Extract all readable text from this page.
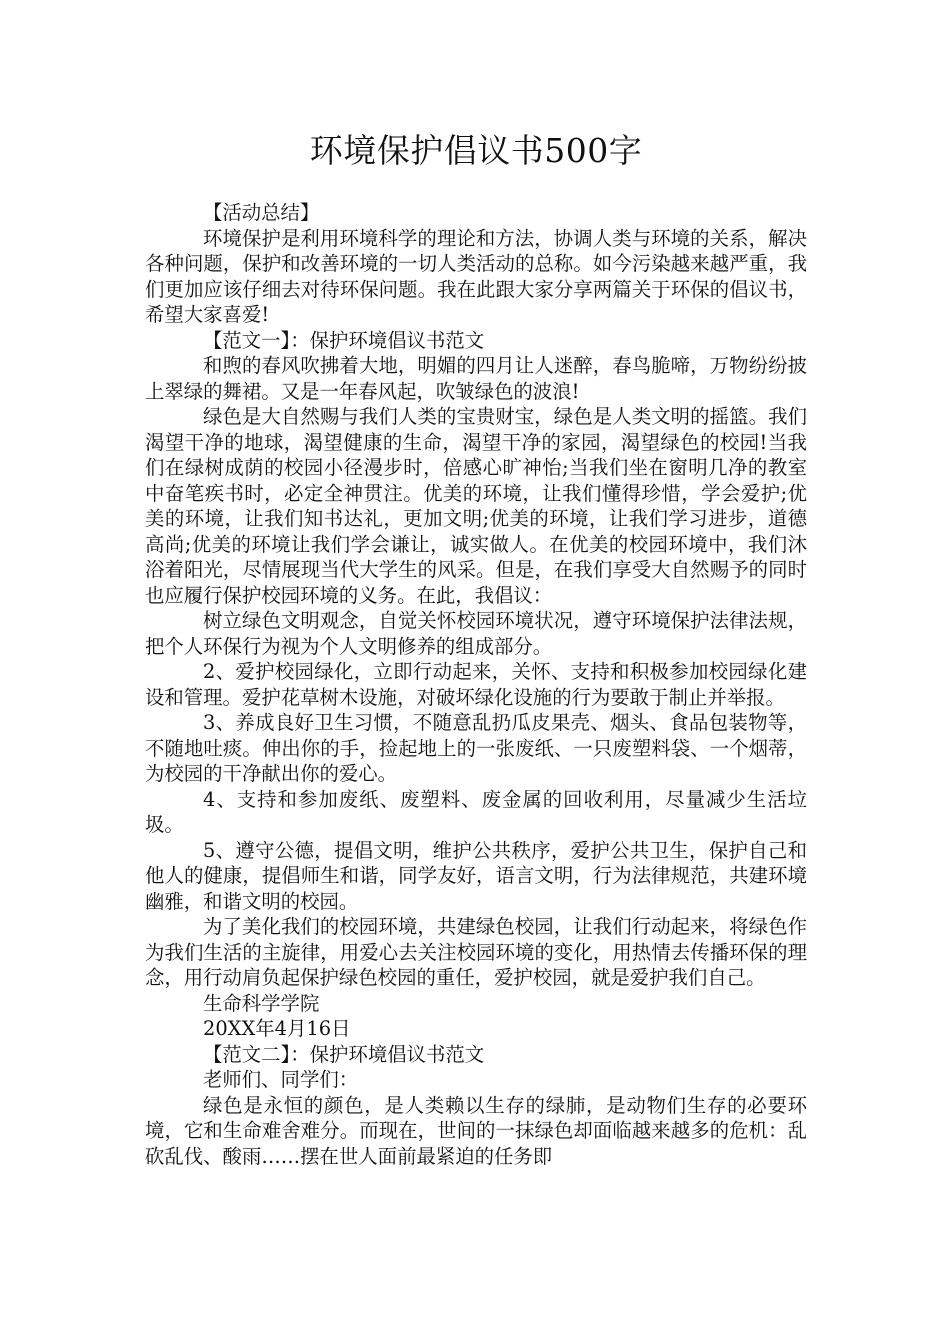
环境保护倡议书500字

【活动总结】

环境保护是利用环境科学的理论和方法，协调人类与环境的关系，解决各种问题，保护和改善环境的一切人类活动的总称。如今污染越来越严重，我们更加应该仔细去对待环保问题。我在此跟大家分享两篇关于环保的倡议书，希望大家喜爱!

【范文一】：保护环境倡议书范文

和煦的春风吹拂着大地，明媚的四月让人迷醉，春鸟脆啼，万物纷纷披上翠绿的舞裙。又是一年春风起，吹皱绿色的波浪!

绿色是大自然赐与我们人类的宝贵财宝，绿色是人类文明的摇篮。我们渴望干净的地球，渴望健康的生命，渴望干净的家园，渴望绿色的校园!当我们在绿树成荫的校园小径漫步时，倍感心旷神怡;当我们坐在窗明几净的教室中奋笔疾书时，必定全神贯注。优美的环境，让我们懂得珍惜，学会爱护;优美的环境，让我们知书达礼，更加文明;优美的环境，让我们学习进步，道德高尚;优美的环境让我们学会谦让，诚实做人。在优美的校园环境中，我们沐浴着阳光，尽情展现当代大学生的风采。但是，在我们享受大自然赐予的同时也应履行保护校园环境的义务。在此，我倡议：

树立绿色文明观念，自觉关怀校园环境状况，遵守环境保护法律法规，把个人环保行为视为个人文明修养的组成部分。

2、爱护校园绿化，立即行动起来，关怀、支持和积极参加校园绿化建设和管理。爱护花草树木设施，对破坏绿化设施的行为要敢于制止并举报。

3、养成良好卫生习惯，不随意乱扔瓜皮果壳、烟头、食品包装物等，不随地吐痰。伸出你的手，捡起地上的一张废纸、一只废塑料袋、一个烟蒂，为校园的干净献出你的爱心。

4、支持和参加废纸、废塑料、废金属的回收利用，尽量减少生活垃圾。

5、遵守公德，提倡文明，维护公共秩序，爱护公共卫生，保护自己和他人的健康，提倡师生和谐，同学友好，语言文明，行为法律规范，共建环境幽雅，和谐文明的校园。

为了美化我们的校园环境，共建绿色校园，让我们行动起来，将绿色作为我们生活的主旋律，用爱心去关注校园环境的变化，用热情去传播环保的理念，用行动肩负起保护绿色校园的重任，爱护校园，就是爱护我们自己。

生命科学学院

20XX年4月16日

【范文二】：保护环境倡议书范文

老师们、同学们：

绿色是永恒的颜色，是人类赖以生存的绿肺，是动物们生存的必要环境，它和生命难舍难分。而现在，世间的一抹绿色却面临越来越多的危机：乱砍乱伐、酸雨……摆在世人面前最紧迫的任务即
